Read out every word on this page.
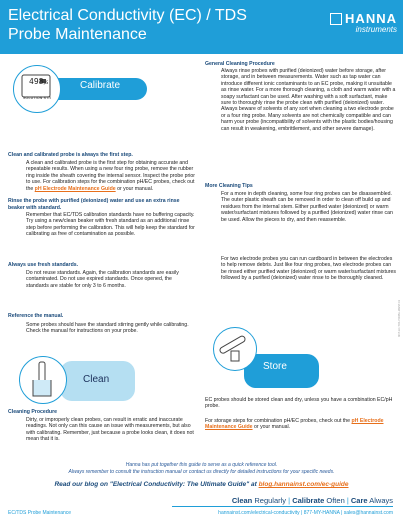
Electrical Conductivity (EC) / TDS
Probe Maintenance
HANNA
instruments
498μS
SOLUTION STR
Calibrate
Clean and calibrated probe is always the first step.
A clean and calibrated probe is the first step for obtaining accurate and repeatable results. When using a new four ring probe, remove the rubber ring inside the sheath covering the internal sensor. Inspect the probe prior to use. For calibration steps for the combination pH/EC probes, check out the pH Electrode Maintenance Guide or your manual.
Rinse the probe with purified (deionized) water and use an extra rinse beaker with standard.
Remember that EC/TDS calibration standards have no buffering capacity. Try using a new/clean beaker with fresh standard as an additional rinse step before performing the calibration. This will help keep the standard for calibrating as free of contamination as possible.
Always use fresh standards.
Do not reuse standards. Again, the calibration standards are easily contaminated. Do not use expired standards. Once opened, the standards are stable for only 3 to 6 months.
Reference the manual.
Some probes should have the standard stirring gently while calibrating. Check the manual for instructions on your probe.
Clean
Cleaning Procedure
Dirty, or improperly clean probes, can result in erratic and inaccurate readings. Not only can this cause an issue with measurements, but also with calibrating. Remember, just because a probe looks clean, it does not mean that it is.
General Cleaning Procedure
Always rinse probes with purified (deionized) water before storage, after storage, and in between measurements. Water such as tap water can introduce different ionic contaminants to an EC probe, making it unsuitable as rinse water. For a more thorough cleaning, a cloth and warm water with a soapy surfactant can be used. After washing with a soft surfactant, make sure to thoroughly rinse the probe clean with purified (deionized) water. Always beware of solvents of any sort when cleaning a two electrode probe or a four ring probe. Many solvents are not chemically compatible and can harm your probe (incompatibility of solvents with the plastic bodies/housing can result in weakening, embrittlement, and other severe damage).
More Cleaning Tips
For a more in depth cleaning, some four ring probes can be disassembled. The outer plastic sheath can be removed in order to clean off build up and residues from the internal stem. Either purified water (deionized) or warm water/surfactant mixtures followed by a purified (deionized) water rinse can be used. Allow the pieces to dry, and then reassemble.
For two electrode probes you can run cardboard in between the electrodes to help remove debris. Just like four ring probes, two electrode probes can be rinsed either purified water (deionized) or warm water/surfactant mixtures followed by a purified (deionized) water rinse to be thoroughly cleaned.
Store
EC probes should be stored clean and dry, unless you have a combination EC/pH probe.
For storage steps for combination pH/EC probes, check out the pH Electrode Maintenance Guide or your manual.
Hanna has put together this guide to serve as a quick reference tool.
Always remember to consult the instruction manual or contact us directly for detailed instructions for your specific needs.
Read our blog on "Electrical Conductivity: The Ultimate Guide" at blog.hannainst.com/ec-guide
Clean Regularly | Calibrate Often | Care Always
EC/TDS Probe Maintenance	hannainst.com/electrical-conductivity | 877-MY-HANNA | sales@hannainst.com
MKT-EC-TDS-PROBE-MAINT-01
